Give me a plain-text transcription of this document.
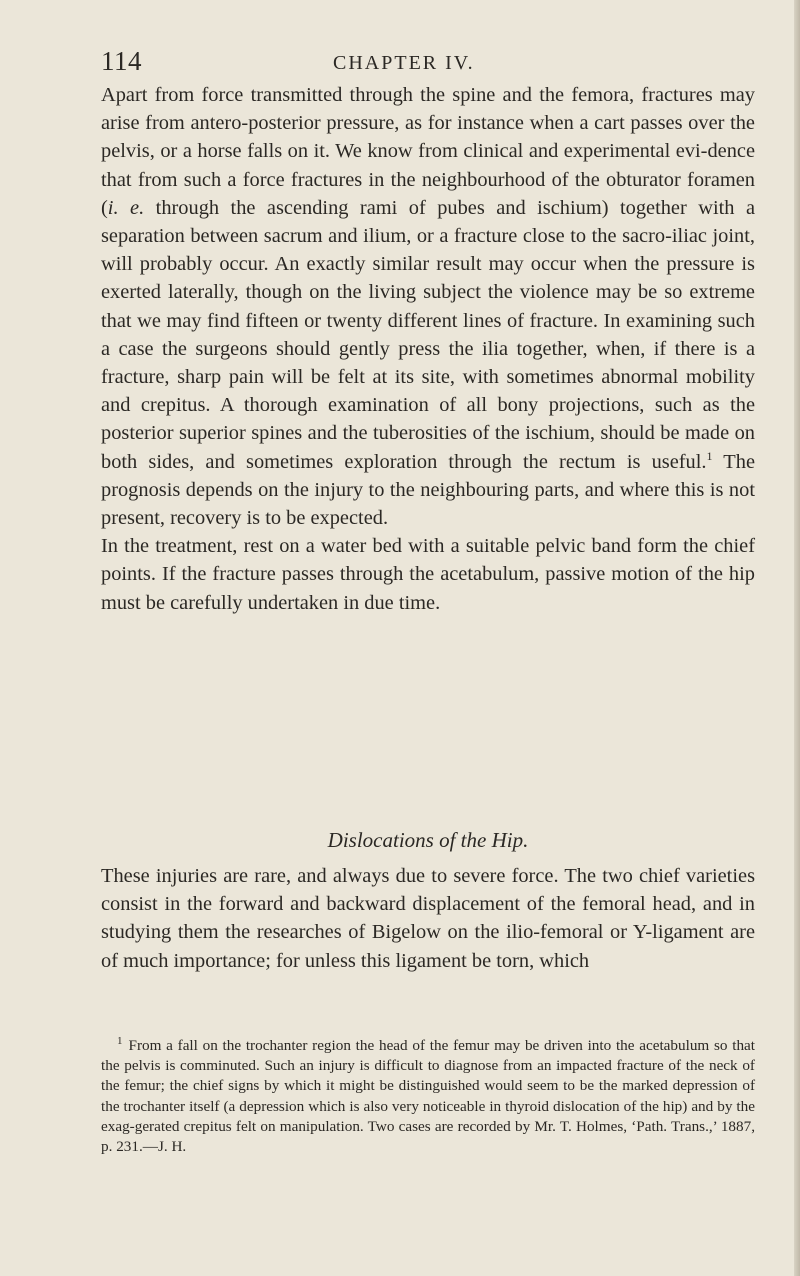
114	CHAPTER IV.

Apart from force transmitted through the spine and the femora, fractures may arise from antero-posterior pressure, as for instance when a cart passes over the pelvis, or a horse falls on it. We know from clinical and experimental evi-dence that from such a force fractures in the neighbourhood of the obturator foramen (i. e. through the ascending rami of pubes and ischium) together with a separation between sacrum and ilium, or a fracture close to the sacro-iliac joint, will probably occur. An exactly similar result may occur when the pressure is exerted laterally, though on the living subject the violence may be so extreme that we may find fifteen or twenty different lines of fracture. In examining such a case the surgeons should gently press the ilia together, when, if there is a fracture, sharp pain will be felt at its site, with sometimes abnormal mobility and crepitus. A thorough examination of all bony projections, such as the posterior superior spines and the tuberosities of the ischium, should be made on both sides, and sometimes exploration through the rectum is useful.$^1$ The prognosis depends on the injury to the neighbouring parts, and where this is not present, recovery is to be expected.

In the treatment, rest on a water bed with a suitable pelvic band form the chief points. If the fracture passes through the acetabulum, passive motion of the hip must be carefully undertaken in due time.

Dislocations of the Hip.

These injuries are rare, and always due to severe force. The two chief varieties consist in the forward and backward displacement of the femoral head, and in studying them the researches of Bigelow on the ilio-femoral or Y-ligament are of much importance; for unless this ligament be torn, which

$^1$ From a fall on the trochanter region the head of the femur may be driven into the acetabulum so that the pelvis is comminuted. Such an injury is difficult to diagnose from an impacted fracture of the neck of the femur; the chief signs by which it might be distinguished would seem to be the marked depression of the trochanter itself (a depression which is also very noticeable in thyroid dislocation of the hip) and by the exag-gerated crepitus felt on manipulation. Two cases are recorded by Mr. T. Holmes, ‘Path. Trans.,’ 1887, p. 231.—J. H.
